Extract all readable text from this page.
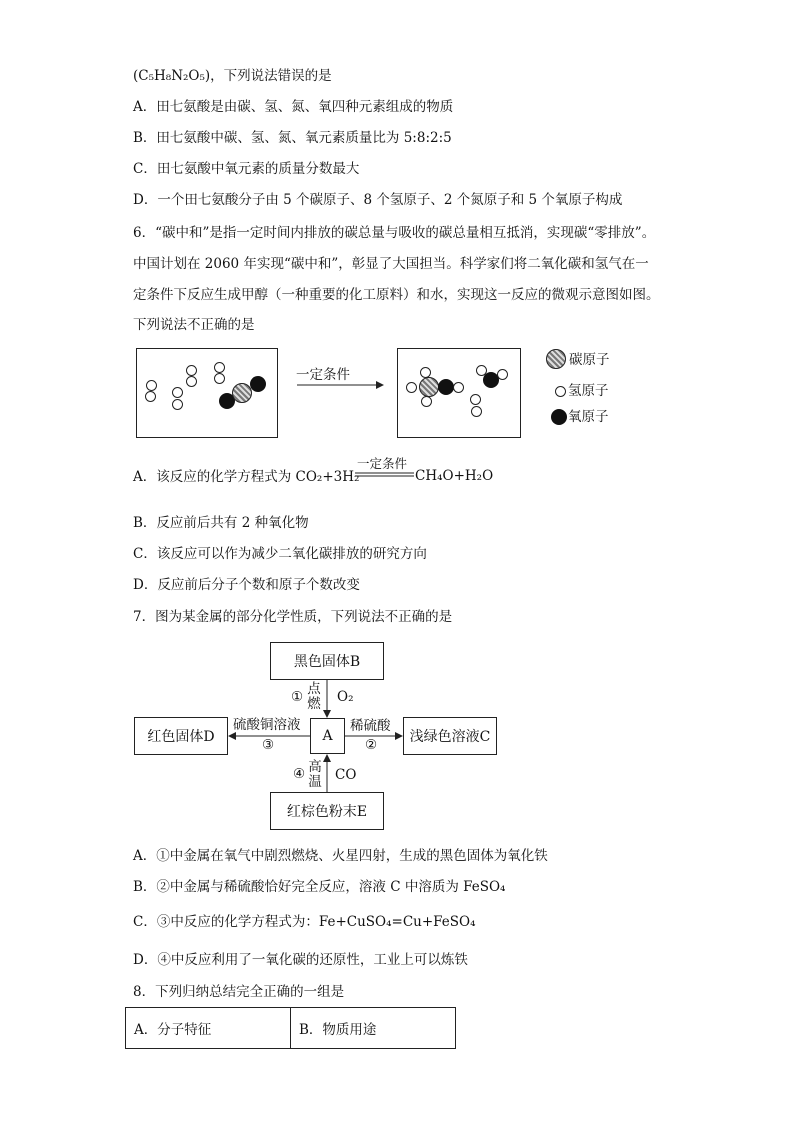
(C₅H₈N₂O₅)，下列说法错误的是
A．田七氨酸是由碳、氢、氮、氧四种元素组成的物质
B．田七氨酸中碳、氢、氮、氧元素质量比为 5:8:2:5
C．田七氨酸中氧元素的质量分数最大
D．一个田七氨酸分子由 5 个碳原子、8 个氢原子、2 个氮原子和 5 个氧原子构成
6．“碳中和”是指一定时间内排放的碳总量与吸收的碳总量相互抵消，实现碳“零排放”。
中国计划在 2060 年实现“碳中和”，彰显了大国担当。科学家们将二氧化碳和氢气在一
定条件下反应生成甲醇（一种重要的化工原料）和水，实现这一反应的微观示意图如图。
下列说法不正确的是
一定条件
碳原子
氢原子
氧原子
A．该反应的化学方程式为 CO₂+3H₂
一定条件
CH₄O+H₂O
B．反应前后共有 2 种氧化物
C．该反应可以作为减少二氧化碳排放的研究方向
D．反应前后分子个数和原子个数改变
7．图为某金属的部分化学性质，下列说法不正确的是
黑色固体B
红色固体D	A	浅绿色溶液C
红棕色粉末E
① 点
燃 O₂
硫酸铜溶液
③
稀硫酸
②
④ 高
温 CO
A．①中金属在氧气中剧烈燃烧、火星四射，生成的黑色固体为氧化铁
B．②中金属与稀硫酸恰好完全反应，溶液 C 中溶质为 FeSO₄
C．③中反应的化学方程式为：Fe+CuSO₄=Cu+FeSO₄
D．④中反应利用了一氧化碳的还原性，工业上可以炼铁
8．下列归纳总结完全正确的一组是
A．分子特征	B．物质用途
